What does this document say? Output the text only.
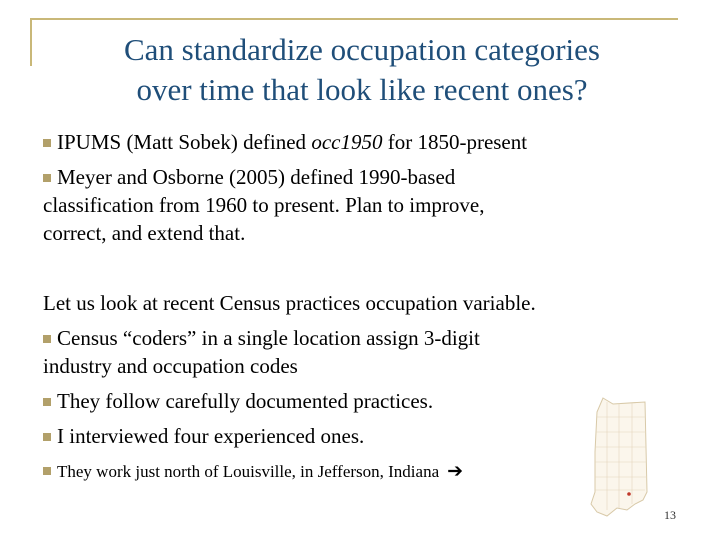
Can standardize occupation categories
over time that look like recent ones?
IPUMS (Matt Sobek) defined occ1950 for 1850-present
Meyer and Osborne (2005) defined 1990-based
classification from 1960 to present. Plan to improve,
correct, and extend that.
Let us look at recent Census practices occupation variable.
Census “coders” in a single location assign 3-digit
industry and occupation codes
They follow carefully documented practices.
I interviewed four experienced ones.
They work just north of Louisville, in Jefferson, Indiana ➔
13
